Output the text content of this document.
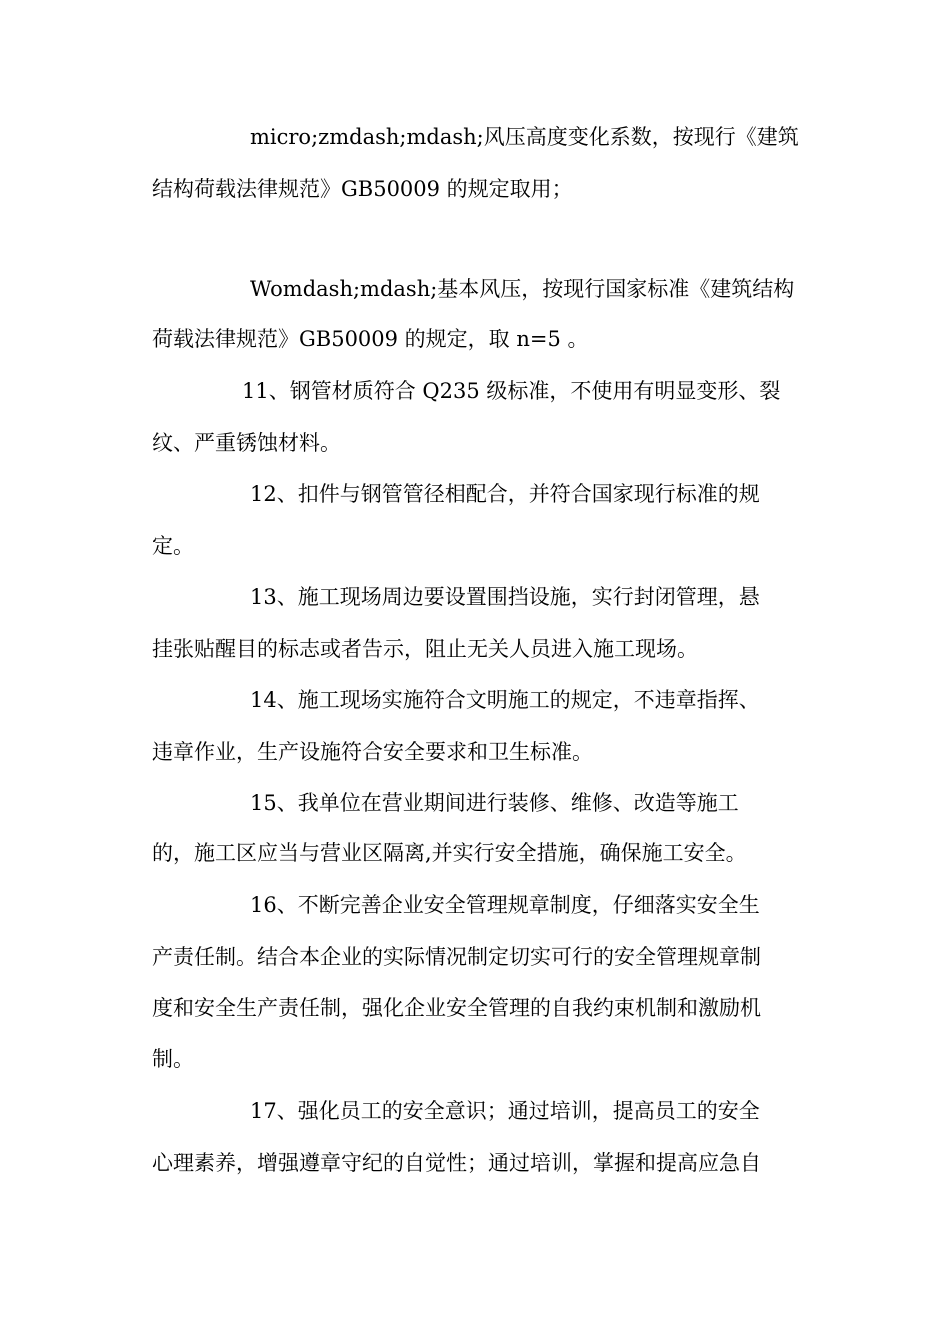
micro;zmdash;mdash;风压高度变化系数，按现行《建筑
结构荷载法律规范》GB50009 的规定取用；
Womdash;mdash;基本风压，按现行国家标准《建筑结构
荷载法律规范》GB50009 的规定，取 n=5 。
11、钢管材质符合 Q235 级标准，不使用有明显变形、裂
纹、严重锈蚀材料。
12、扣件与钢管管径相配合，并符合国家现行标准的规
定。
13、施工现场周边要设置围挡设施，实行封闭管理，悬
挂张贴醒目的标志或者告示，阻止无关人员进入施工现场。
14、施工现场实施符合文明施工的规定，不违章指挥、
违章作业，生产设施符合安全要求和卫生标准。
15、我单位在营业期间进行装修、维修、改造等施工
的，施工区应当与营业区隔离,并实行安全措施，确保施工安全。
16、不断完善企业安全管理规章制度，仔细落实安全生
产责任制。结合本企业的实际情况制定切实可行的安全管理规章制
度和安全生产责任制，强化企业安全管理的自我约束机制和激励机
制。
17、强化员工的安全意识；通过培训，提高员工的安全
心理素养，增强遵章守纪的自觉性；通过培训，掌握和提高应急自
